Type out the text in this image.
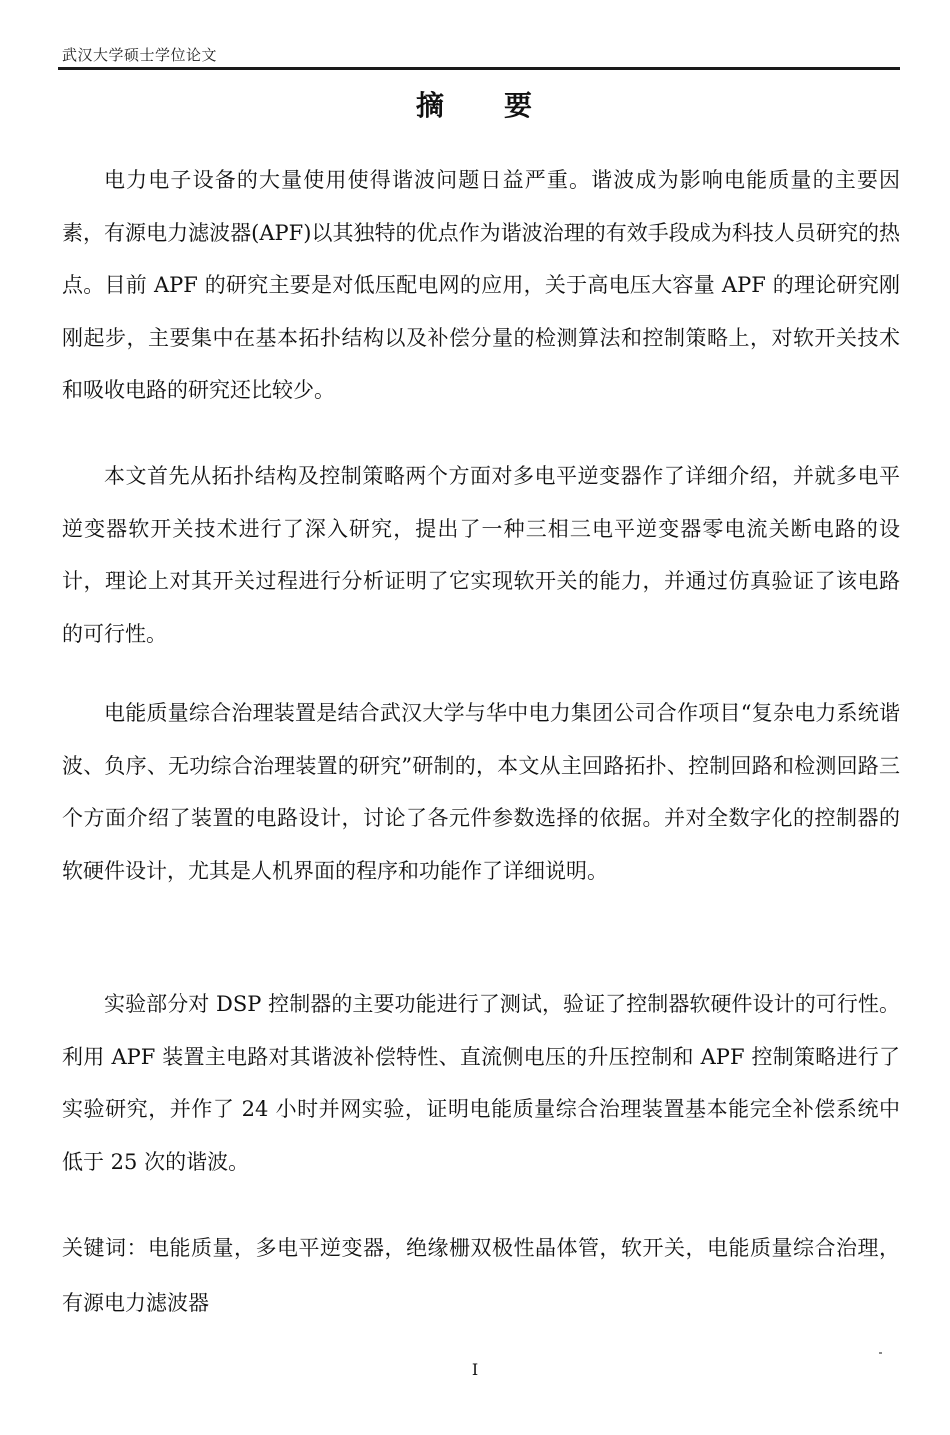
武汉大学硕士学位论文
摘 要

电力电子设备的大量使用使得谐波问题日益严重。谐波成为影响电能质量的主要因素，有源电力滤波器(APF)以其独特的优点作为谐波治理的有效手段成为科技人员研究的热点。目前 APF 的研究主要是对低压配电网的应用，关于高电压大容量 APF 的理论研究刚刚起步，主要集中在基本拓扑结构以及补偿分量的检测算法和控制策略上，对软开关技术和吸收电路的研究还比较少。

本文首先从拓扑结构及控制策略两个方面对多电平逆变器作了详细介绍，并就多电平逆变器软开关技术进行了深入研究，提出了一种三相三电平逆变器零电流关断电路的设计，理论上对其开关过程进行分析证明了它实现软开关的能力，并通过仿真验证了该电路的可行性。

电能质量综合治理装置是结合武汉大学与华中电力集团公司合作项目“复杂电力系统谐波、负序、无功综合治理装置的研究”研制的，本文从主回路拓扑、控制回路和检测回路三个方面介绍了装置的电路设计，讨论了各元件参数选择的依据。并对全数字化的控制器的软硬件设计，尤其是人机界面的程序和功能作了详细说明。

实验部分对 DSP 控制器的主要功能进行了测试，验证了控制器软硬件设计的可行性。利用 APF 装置主电路对其谐波补偿特性、直流侧电压的升压控制和 APF 控制策略进行了实验研究，并作了 24 小时并网实验，证明电能质量综合治理装置基本能完全补偿系统中低于 25 次的谐波。

关键词：电能质量，多电平逆变器，绝缘栅双极性晶体管，软开关，电能质量综合治理，有源电力滤波器

I
